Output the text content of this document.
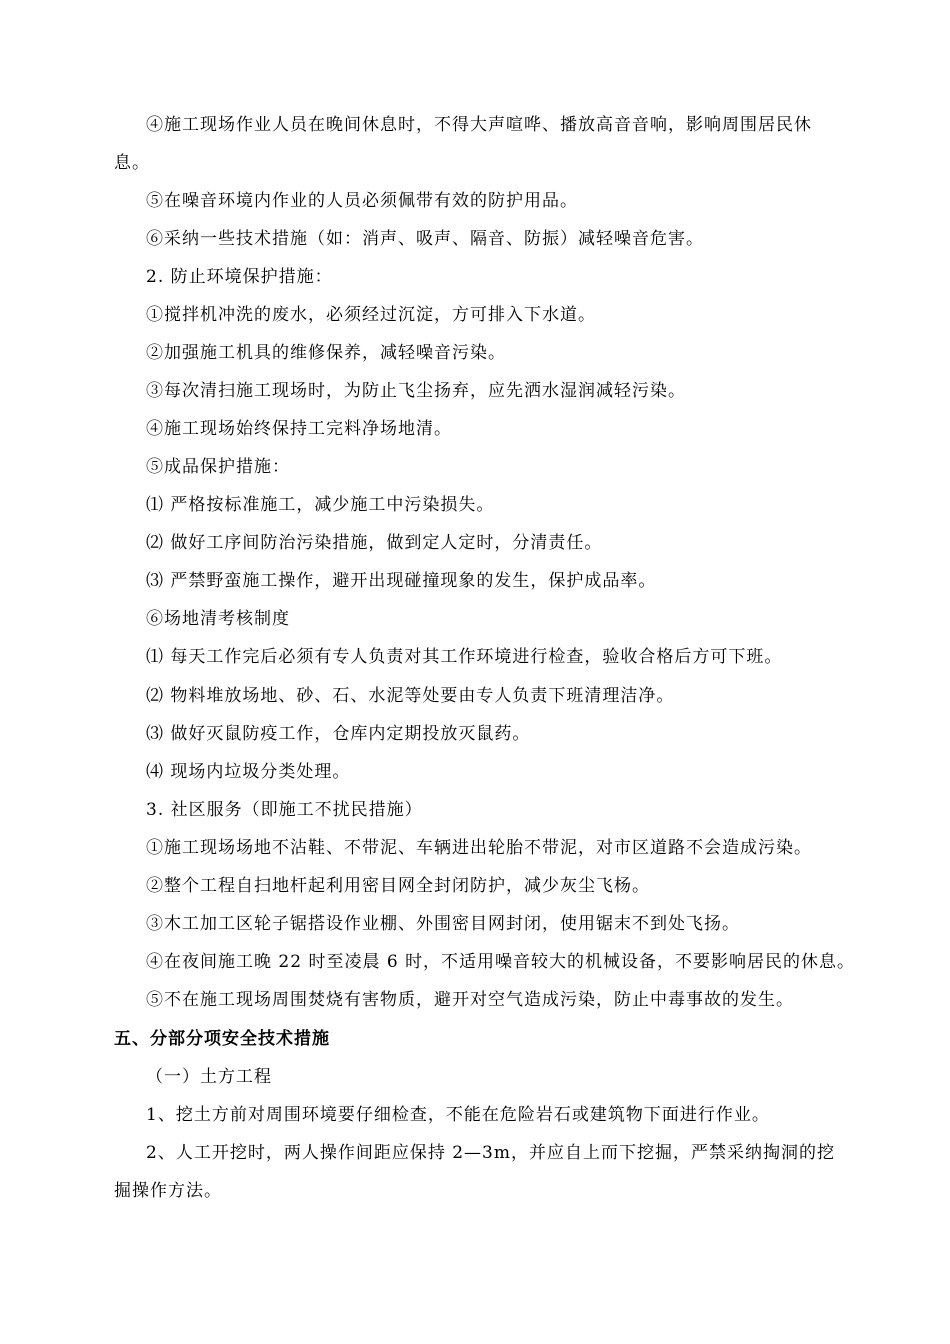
④施工现场作业人员在晚间休息时，不得大声喧哗、播放高音音响，影响周围居民休
息。
⑤在噪音环境内作业的人员必须佩带有效的防护用品。
⑥采纳一些技术措施（如：消声、吸声、隔音、防振）减轻噪音危害。
2. 防止环境保护措施：
①搅拌机冲洗的废水，必须经过沉淀，方可排入下水道。
②加强施工机具的维修保养，减轻噪音污染。
③每次清扫施工现场时，为防止飞尘扬弃，应先洒水湿润减轻污染。
④施工现场始终保持工完料净场地清。
⑤成品保护措施：
⑴ 严格按标准施工，减少施工中污染损失。
⑵ 做好工序间防治污染措施，做到定人定时，分清责任。
⑶ 严禁野蛮施工操作，避开出现碰撞现象的发生，保护成品率。
⑥场地清考核制度
⑴ 每天工作完后必须有专人负责对其工作环境进行检查，验收合格后方可下班。
⑵ 物料堆放场地、砂、石、水泥等处要由专人负责下班清理洁净。
⑶ 做好灭鼠防疫工作，仓库内定期投放灭鼠药。
⑷ 现场内垃圾分类处理。
3. 社区服务（即施工不扰民措施）
①施工现场场地不沾鞋、不带泥、车辆进出轮胎不带泥，对市区道路不会造成污染。
②整个工程自扫地杆起利用密目网全封闭防护，减少灰尘飞杨。
③木工加工区轮子锯搭设作业棚、外围密目网封闭，使用锯末不到处飞扬。
④在夜间施工晚 22 时至凌晨 6 时，不适用噪音较大的机械设备，不要影响居民的休息。
⑤不在施工现场周围焚烧有害物质，避开对空气造成污染，防止中毒事故的发生。
五、分部分项安全技术措施
（一）土方工程
1、挖土方前对周围环境要仔细检查，不能在危险岩石或建筑物下面进行作业。
2、人工开挖时，两人操作间距应保持 2—3m，并应自上而下挖掘，严禁采纳掏洞的挖
掘操作方法。
